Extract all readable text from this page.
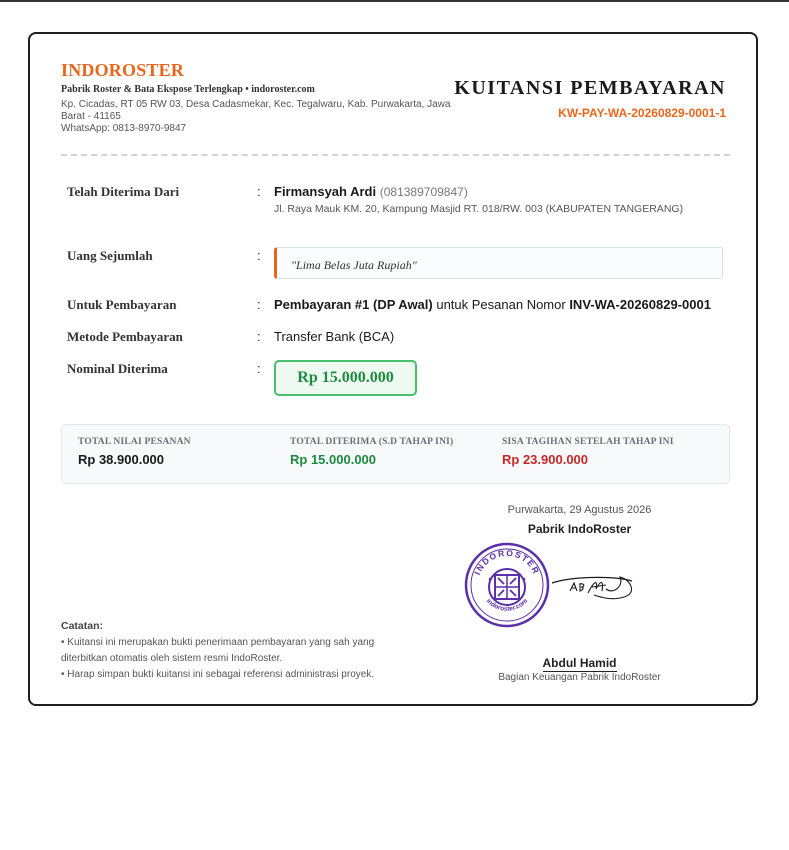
INDOROSTER
Pabrik Roster & Bata Ekspose Terlengkap • indoroster.com
Kp. Cicadas, RT 05 RW 03, Desa Cadasmekar, Kec. Tegalwaru, Kab. Purwakarta, Jawa Barat - 41165
WhatsApp: 0813-8970-9847
KUITANSI PEMBAYARAN
KW-PAY-WA-20260829-0001-1
Telah Diterima Dari	: Firmansyah Ardi (081389709847)
Jl. Raya Mauk KM. 20, Kampung Masjid RT. 018/RW. 003 (KABUPATEN TANGERANG)
Uang Sejumlah	:
"Lima Belas Juta Rupiah"
Untuk Pembayaran	: Pembayaran #1 (DP Awal) untuk Pesanan Nomor INV-WA-20260829-0001
Metode Pembayaran	: Transfer Bank (BCA)
Nominal Diterima	:
Rp 15.000.000
TOTAL NILAI PESANAN
Rp 38.900.000
TOTAL DITERIMA (S.D TAHAP INI)
Rp 15.000.000
SISA TAGIHAN SETELAH TAHAP INI
Rp 23.900.000
Purwakarta, 29 Agustus 2026
Pabrik IndoRoster
INDOROSTER
indoroster.com
Abdul Hamid
Bagian Keuangan Pabrik IndoRoster
Catatan:
• Kuitansi ini merupakan bukti penerimaan pembayaran yang sah yang diterbitkan otomatis oleh sistem resmi IndoRoster.
• Harap simpan bukti kuitansi ini sebagai referensi administrasi proyek.
